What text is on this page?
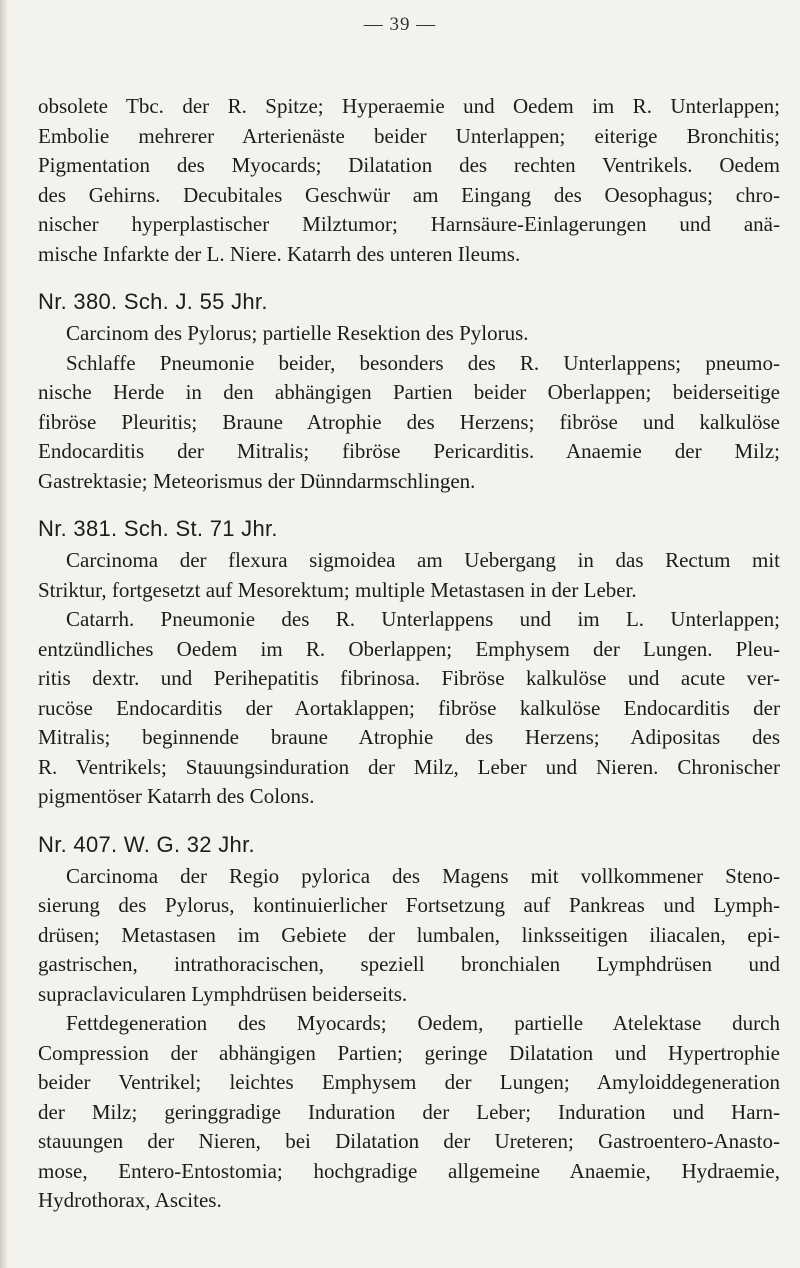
— 39 —
obsolete Tbc. der R. Spitze; Hyperaemie und Oedem im R. Unterlappen;
Embolie mehrerer Arterienäste beider Unterlappen; eiterige Bronchitis;
Pigmentation des Myocards; Dilatation des rechten Ventrikels. Oedem
des Gehirns. Decubitales Geschwür am Eingang des Oesophagus; chro-
nischer hyperplastischer Milztumor; Harnsäure-Einlagerungen und anä-
mische Infarkte der L. Niere. Katarrh des unteren Ileums.
Nr. 380. Sch. J. 55 Jhr.
Carcinom des Pylorus; partielle Resektion des Pylorus.
Schlaffe Pneumonie beider, besonders des R. Unterlappens; pneumo-
nische Herde in den abhängigen Partien beider Oberlappen; beiderseitige
fibröse Pleuritis; Braune Atrophie des Herzens; fibröse und kalkulöse
Endocarditis der Mitralis; fibröse Pericarditis. Anaemie der Milz;
Gastrektasie; Meteorismus der Dünndarmschlingen.
Nr. 381. Sch. St. 71 Jhr.
Carcinoma der flexura sigmoidea am Uebergang in das Rectum mit
Striktur, fortgesetzt auf Mesorektum; multiple Metastasen in der Leber.
Catarrh. Pneumonie des R. Unterlappens und im L. Unterlappen;
entzündliches Oedem im R. Oberlappen; Emphysem der Lungen. Pleu-
ritis dextr. und Perihepatitis fibrinosa. Fibröse kalkulöse und acute ver-
rucöse Endocarditis der Aortaklappen; fibröse kalkulöse Endocarditis der
Mitralis; beginnende braune Atrophie des Herzens; Adipositas des
R. Ventrikels; Stauungsinduration der Milz, Leber und Nieren. Chronischer
pigmentöser Katarrh des Colons.
Nr. 407. W. G. 32 Jhr.
Carcinoma der Regio pylorica des Magens mit vollkommener Steno-
sierung des Pylorus, kontinuierlicher Fortsetzung auf Pankreas und Lymph-
drüsen; Metastasen im Gebiete der lumbalen, linksseitigen iliacalen, epi-
gastrischen, intrathoracischen, speziell bronchialen Lymphdrüsen und
supraclavicularen Lymphdrüsen beiderseits.
Fettdegeneration des Myocards; Oedem, partielle Atelektase durch
Compression der abhängigen Partien; geringe Dilatation und Hypertrophie
beider Ventrikel; leichtes Emphysem der Lungen; Amyloiddegeneration
der Milz; geringgradige Induration der Leber; Induration und Harn-
stauungen der Nieren, bei Dilatation der Ureteren; Gastroentero-Anasto-
mose, Entero-Entostomia; hochgradige allgemeine Anaemie, Hydraemie,
Hydrothorax, Ascites.
